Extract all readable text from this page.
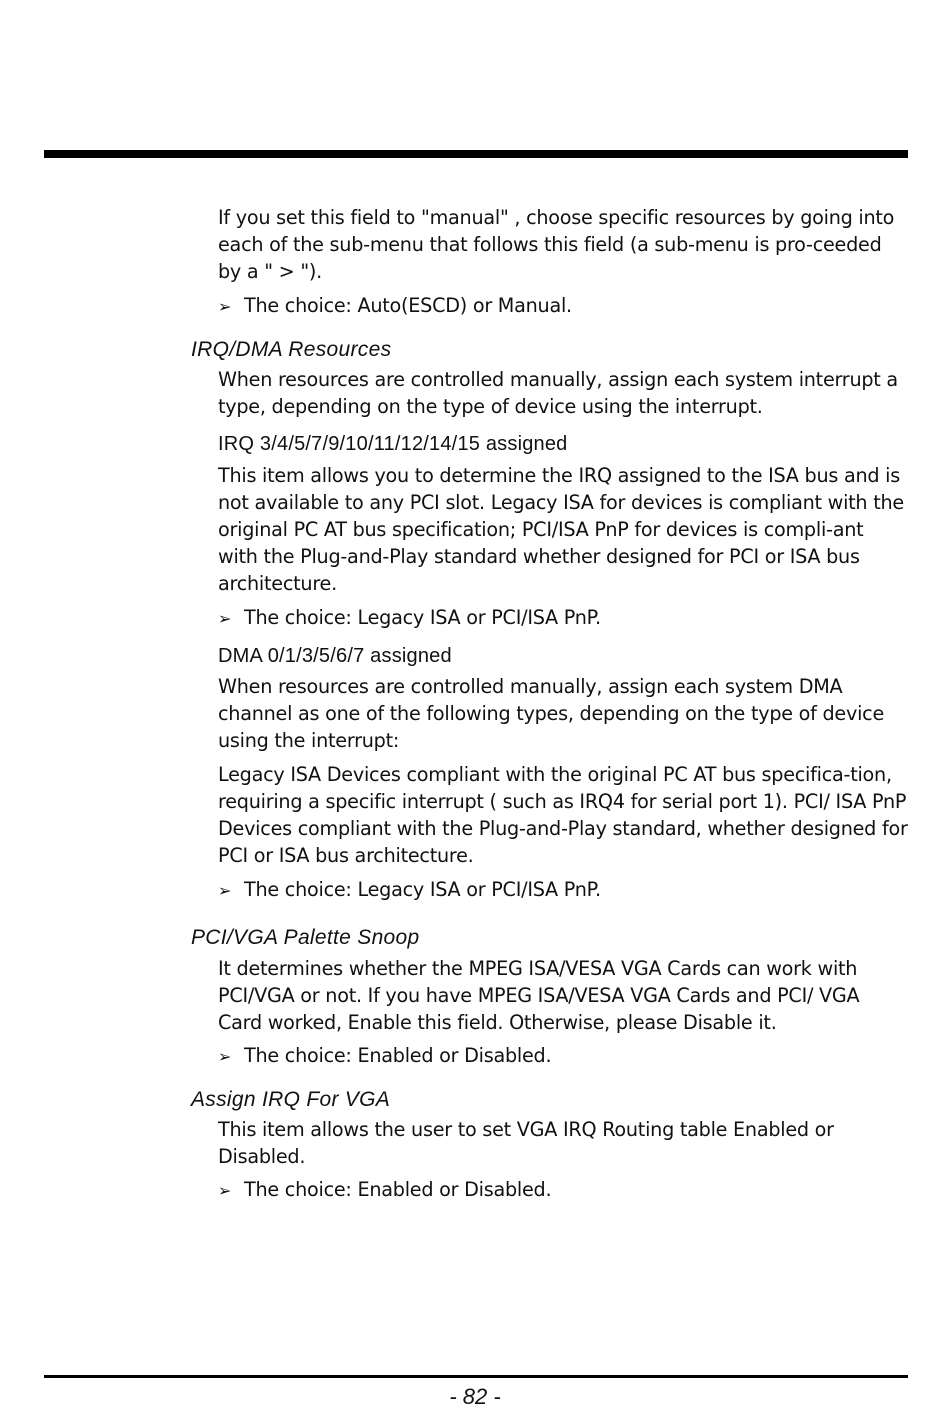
If you set this field to "manual" , choose specific resources by going into each of the sub-menu that follows this field (a sub-menu is pro-ceeded by a " > ").

➢ The choice: Auto(ESCD) or Manual.

IRQ/DMA Resources

When resources are controlled manually, assign each system interrupt a type, depending on the type of device using the interrupt.

IRQ 3/4/5/7/9/10/11/12/14/15 assigned

This item allows you to determine the IRQ assigned to the ISA bus and is not available to any PCI slot. Legacy ISA for devices is compliant with the original PC AT bus specification; PCI/ISA PnP for devices is compli-ant with the Plug-and-Play standard whether designed for PCI or ISA bus architecture.

➢ The choice: Legacy ISA or PCI/ISA PnP.

DMA 0/1/3/5/6/7 assigned

When resources are controlled manually, assign each system DMA channel as one of the following types, depending on the type of device using the interrupt:

Legacy ISA Devices compliant with the original PC AT bus specifica-tion, requiring a specific interrupt ( such as IRQ4 for serial port 1). PCI/ ISA PnP Devices compliant with the Plug-and-Play standard, whether designed for PCI or ISA bus architecture.

➢ The choice: Legacy ISA or PCI/ISA PnP.

PCI/VGA Palette Snoop

It determines whether the MPEG ISA/VESA VGA Cards can work with PCI/VGA or not. If you have MPEG ISA/VESA VGA Cards and PCI/ VGA Card worked, Enable this field. Otherwise, please Disable it.

➢ The choice: Enabled or Disabled.

Assign IRQ For VGA

This item allows the user to set VGA IRQ Routing table Enabled or Disabled.

➢ The choice: Enabled or Disabled.

- 82 -
